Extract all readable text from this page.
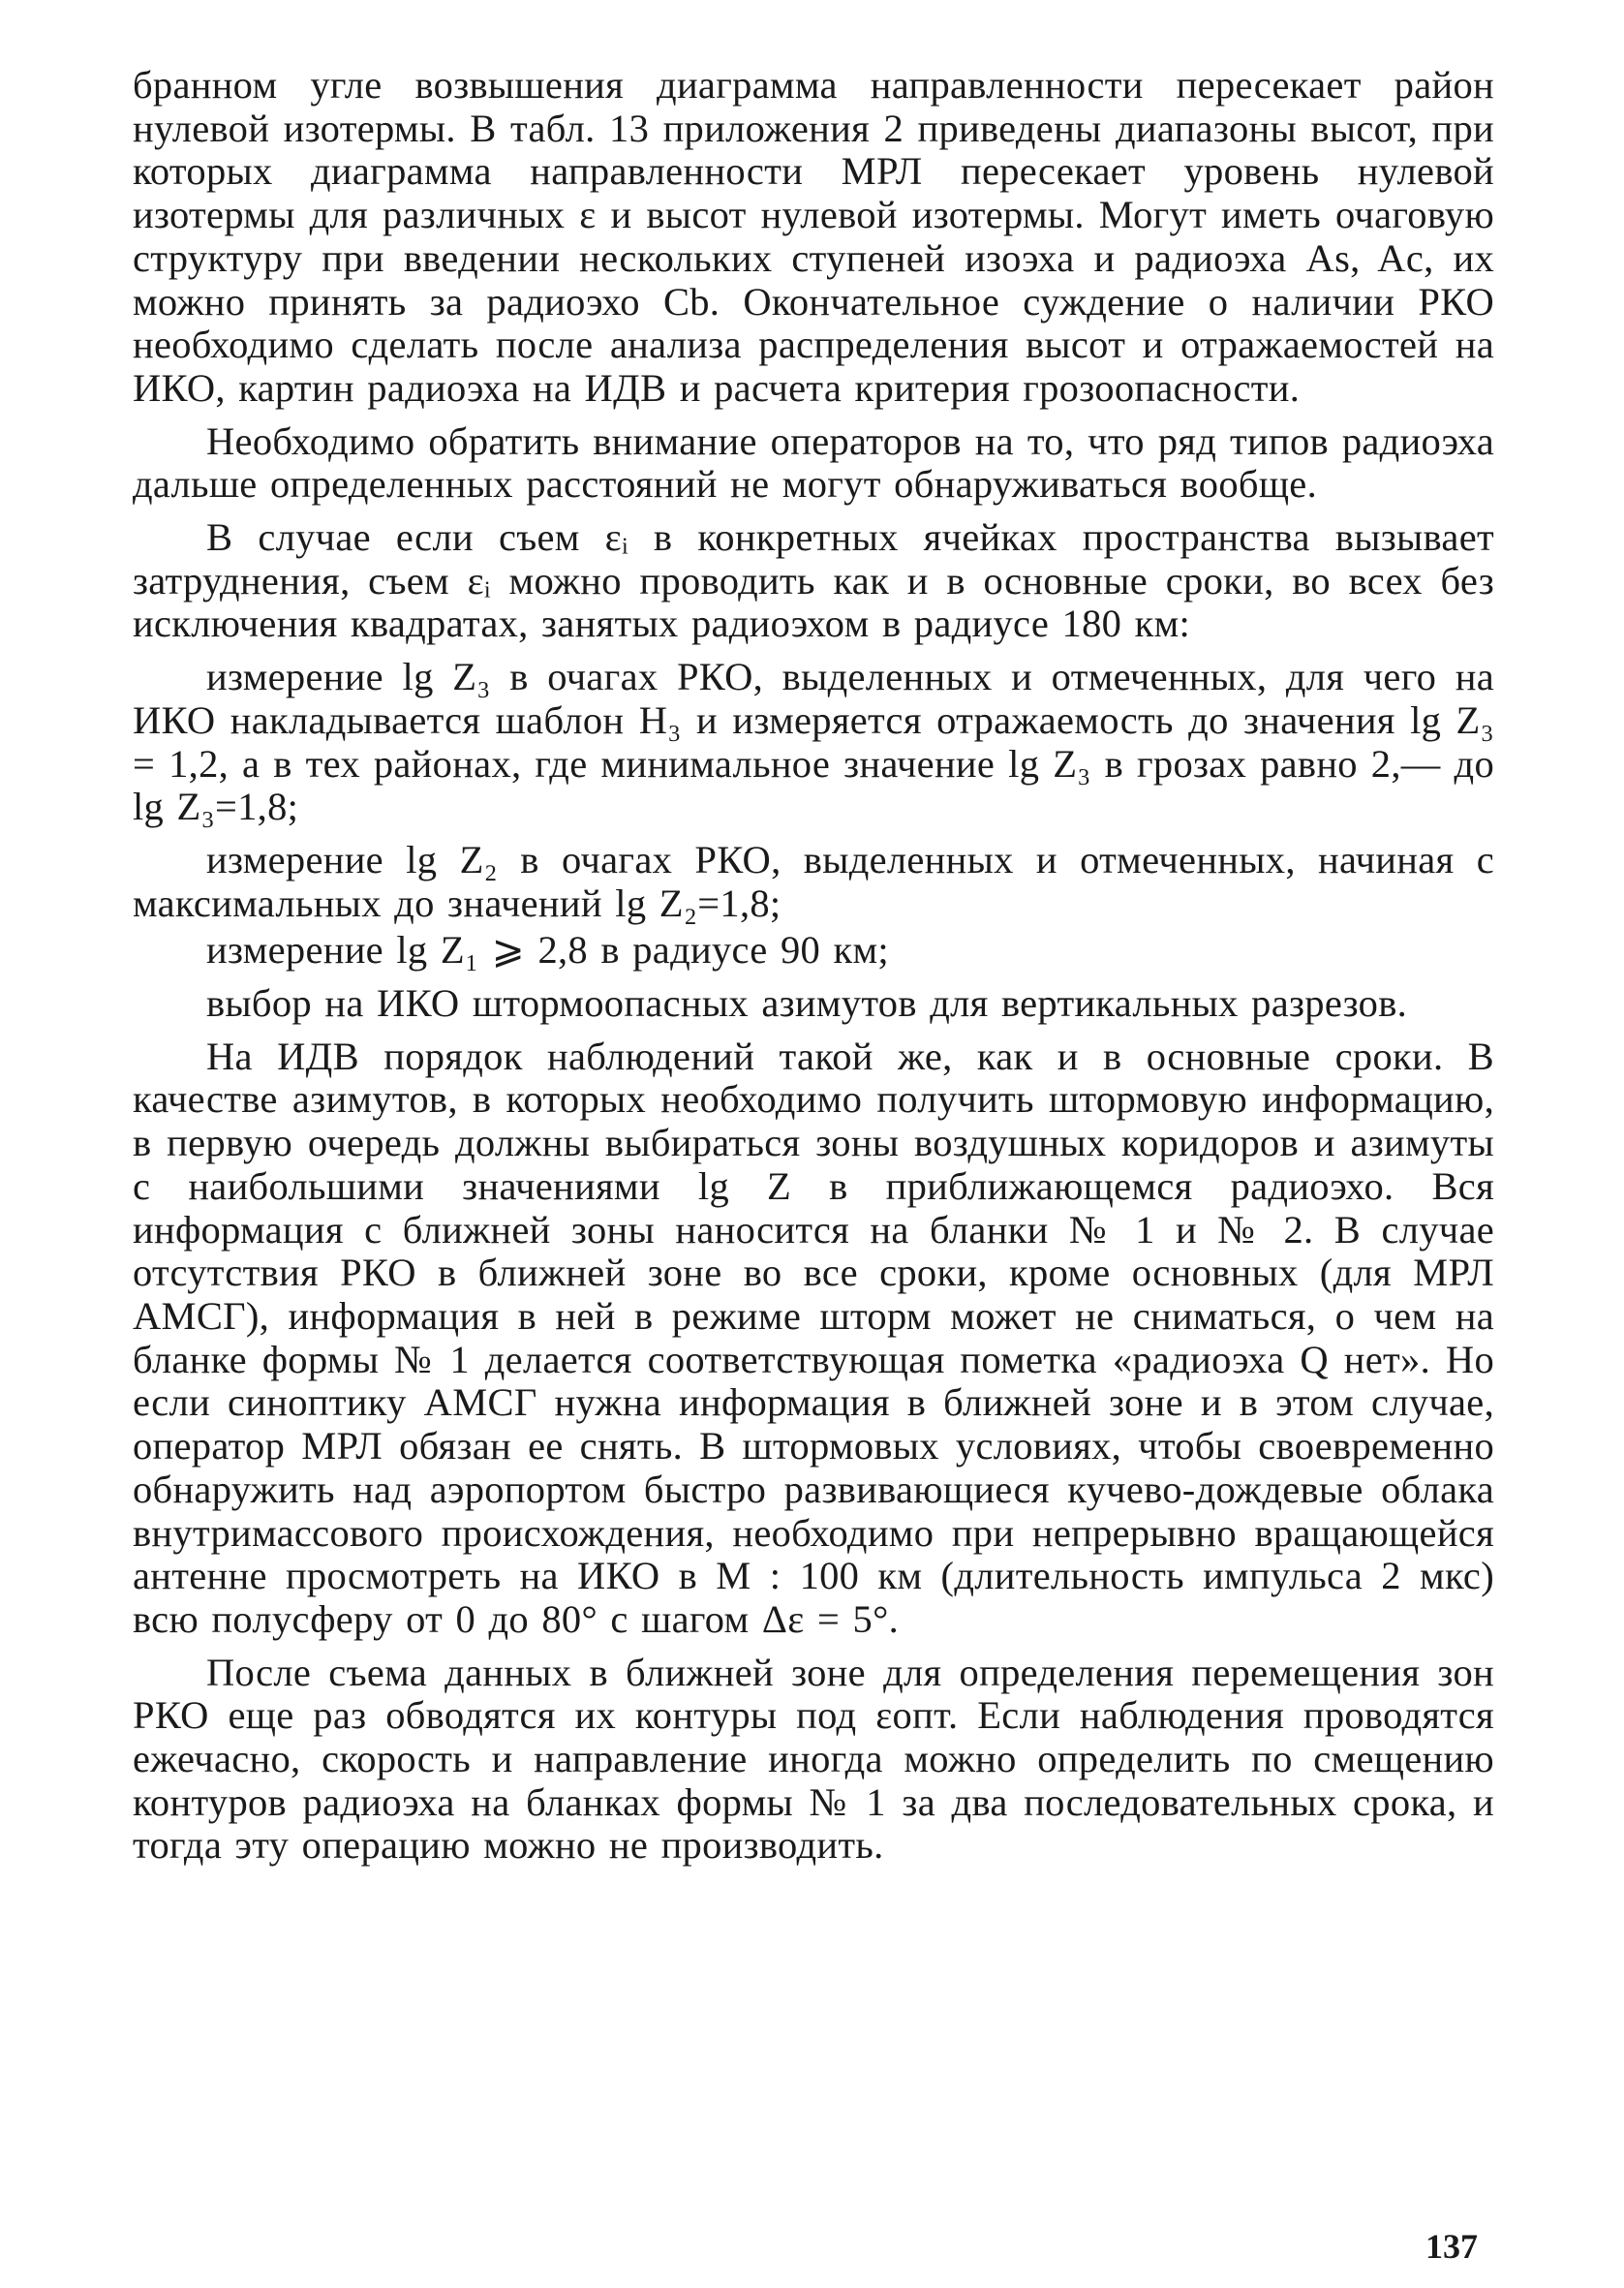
бранном угле возвышения диаграмма направленности пересекает район нулевой изотермы. В табл. 13 приложения 2 приведены диапазоны высот, при которых диаграмма направленности МРЛ пересекает уровень нулевой изотермы для различных ε и высот нулевой изотермы. Могут иметь очаговую структуру при введении нескольких ступеней изоэха и радиоэха As, Ac, их можно принять за радиоэхо Cb. Окончательное суждение о наличии РКО необходимо сделать после анализа распределения высот и отражаемостей на ИКО, картин радиоэха на ИДВ и расчета критерия грозоопасности.

Необходимо обратить внимание операторов на то, что ряд типов радиоэха дальше определенных расстояний не могут обнаруживаться вообще.

В случае если съем εᵢ в конкретных ячейках пространства вызывает затруднения, съем εᵢ можно проводить как и в основные сроки, во всех без исключения квадратах, занятых радиоэхом в радиусе 180 км:

измерение lg Z₃ в очагах РКО, выделенных и отмеченных, для чего на ИКО накладывается шаблон H₃ и измеряется отражаемость до значения lg Z₃ = 1,2, а в тех районах, где минимальное значение lg Z₃ в грозах равно 2,— до lg Z₃=1,8;

измерение lg Z₂ в очагах РКО, выделенных и отмеченных, начиная с максимальных до значений lg Z₂=1,8;

измерение lg Z₁ ⩾ 2,8 в радиусе 90 км;

выбор на ИКО штормоопасных азимутов для вертикальных разрезов.

На ИДВ порядок наблюдений такой же, как и в основные сроки. В качестве азимутов, в которых необходимо получить штормовую информацию, в первую очередь должны выбираться зоны воздушных коридоров и азимуты с наибольшими значениями lg Z в приближающемся радиоэхо. Вся информация с ближней зоны наносится на бланки № 1 и № 2. В случае отсутствия РКО в ближней зоне во все сроки, кроме основных (для МРЛ АМСГ), информация в ней в режиме шторм может не сниматься, о чем на бланке формы № 1 делается соответствующая пометка «радиоэха Q нет». Но если синоптику АМСГ нужна информация в ближней зоне и в этом случае, оператор МРЛ обязан ее снять. В штормовых условиях, чтобы своевременно обнаружить над аэропортом быстро развивающиеся кучево-дождевые облака внутримассового происхождения, необходимо при непрерывно вращающейся антенне просмотреть на ИКО в M : 100 км (длительность импульса 2 мкс) всю полусферу от 0 до 80° с шагом Δε = 5°.

После съема данных в ближней зоне для определения перемещения зон РКО еще раз обводятся их контуры под εопт. Если наблюдения проводятся ежечасно, скорость и направление иногда можно определить по смещению контуров радиоэха на бланках формы № 1 за два последовательных срока, и тогда эту операцию можно не производить.

137
